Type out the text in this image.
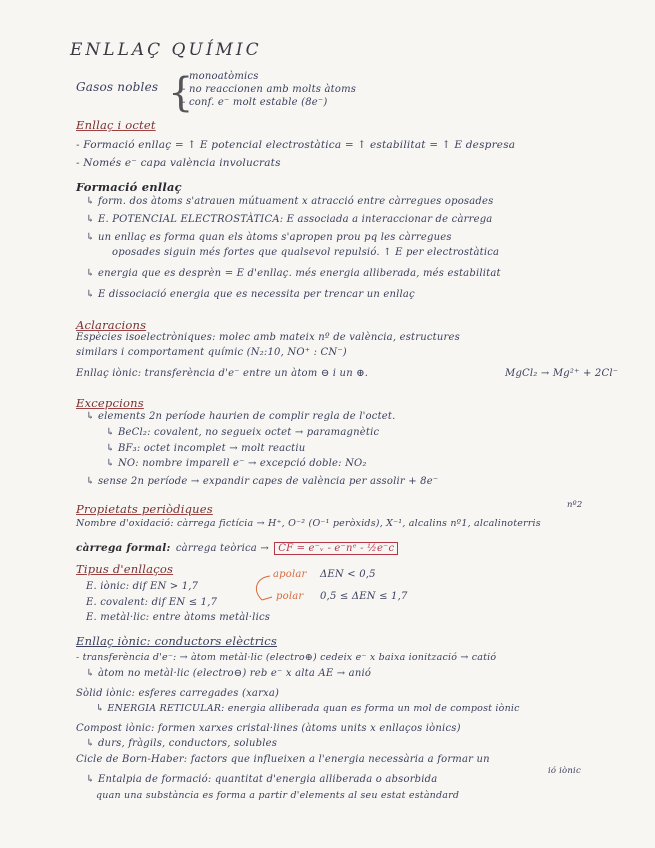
ENLLAÇ QUÍMIC
Gasos nobles {
- monoatòmics
- no reaccionen amb molts àtoms
- conf. e⁻ molt estable (8e⁻)
Enllaç i octet
- Formació enllaç = ↑ E potencial electrostàtica = ↑ estabilitat = ↑ E despresa
- Només e⁻ capa valència involucrats
Formació enllaç
↳ form. dos àtoms s'atrauen mútuament x atracció entre càrregues oposades
↳ E. POTENCIAL ELECTROSTÀTICA: E associada a interaccionar de càrrega
↳ un enllaç es forma quan els àtoms s'apropen prou pq les càrregues
oposades siguin més fortes que qualsevol repulsió. ↑ E per electrostàtica
↳ energia que es desprèn = E d'enllaç. més energia alliberada, més estabilitat
↳ E dissociació energia que es necessita per trencar un enllaç
Aclaracions
Espècies isoelectròniques: molec amb mateix nº de valència, estructures
similars i comportament químic (N₂:10, NO⁺ : CN⁻)
Enllaç iònic: transferència d'e⁻ entre un àtom ⊖ i un ⊕.	MgCl₂ → Mg²⁺ + 2Cl⁻
Excepcions
↳ elements 2n període haurien de complir regla de l'octet.
↳ BeCl₂: covalent, no segueix octet → paramagnètic
↳ BF₃: octet incomplet → molt reactiu
↳ NO: nombre imparell e⁻ → excepció doble: NO₂
↳ sense 2n període → expandir capes de valència per assolir + 8e⁻
Propietats periòdiques	nº2
Nombre d'oxidació: càrrega fictícia → H⁺, O⁻² (O⁻¹ peròxids), X⁻¹, alcalins nº1, alcalinoterris
càrrega formal: càrrega teòrica → CF = e⁻ᵥ - e⁻nᵉ - ½e⁻c
Tipus d'enllaços
E. iònic: dif EN > 1,7
E. covalent: dif EN ≤ 1,7
E. metàl·lic: entre àtoms metàl·lics
apolar ΔEN < 0,5
polar 0,5 ≤ ΔEN ≤ 1,7
Enllaç iònic: conductors elèctrics
- transferència d'e⁻: → àtom metàl·lic (electro⊕) cedeix e⁻ x baixa ionització → catió
↳ àtom no metàl·lic (electro⊖) reb e⁻ x alta AE → anió
Sòlid iònic: esferes carregades (xarxa)
↳ ENERGIA RETICULAR: energia alliberada quan es forma un mol de compost iònic
Compost iònic: formen xarxes cristal·lines (àtoms units x enllaços iònics)
↳ durs, fràgils, conductors, solubles
Cicle de Born-Haber: factors que influeixen a l'energia necessària a formar un
ió iònic
↳ Entalpia de formació: quantitat d'energia alliberada o absorbida
quan una substància es forma a partir d'elements al seu estat estàndard
